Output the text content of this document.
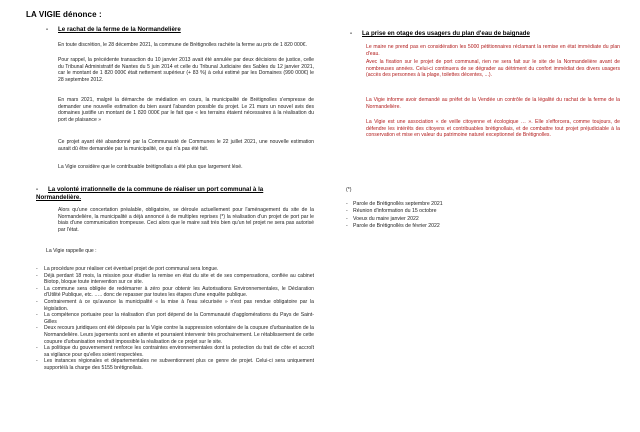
LA VIGIE dénonce :
- Le rachat de la ferme de la Normandelière

En toute discrétion, le 28 décembre 2021, la commune de Brétignolles rachète la ferme au prix de 1 820 000€.

Pour rappel, la précédente transaction du 10 janvier 2013 avait été annulée par deux décisions de justice, celle du Tribunal Administratif de Nantes du 5 juin 2014 et celle du Tribunal Judiciaire des Sables du 12 janvier 2021, car le montant de 1 820 000€ était nettement supérieur (+ 83 %) à celui estimé par les Domaines (990 000€) le 28 septembre 2012.

En mars 2021, malgré la démarche de médiation en cours, la municipalité de Brétignolles s'empresse de demander une nouvelle estimation du bien avant l'abandon possible du projet. Le 21 mars un nouvel avis des domaines justifie un montant de 1 820 000€ par le fait que « les terrains étaient nécessaires à la réalisation du port de plaisance »

Ce projet ayant été abandonné par la Communauté de Communes le 22 juillet 2021, une nouvelle estimation aurait dû être demandée par la municipalité, ce qui n'a pas été fait.

La Vigie considère que le contribuable brétignollais a été plus que largement lésé.

- La volonté irrationnelle de la commune de réaliser un port communal à la Normandelière.

Alors qu'une concertation préalable, obligatoire, se déroule actuellement pour l'aménagement du site de la Normandelière, la municipalité a déjà annoncé à de multiples reprises (*) la réalisation d'un projet de port par le biais d'une communication trompeuse. Ceci alors que le maire sait très bien qu'un tel projet ne sera pas autorisé par l'état.

La Vigie rappelle que :

- La procédure pour réaliser cet éventuel projet de port communal sera longue.
- Déjà perdant 18 mois, la mission pour étudier la remise en état du site et de ses compensations, confiée au cabinet Biotop, bloque toute intervention sur ce site.
- La commune sera obligée de redémarrer à zéro pour obtenir les Autorisations Environnementales, le Déclaration d'Utilité Publique, etc. ….. donc de repasser par toutes les étapes d'une enquête publique.
- Contrairement à ce qu'avance la municipalité « la mise à l'eau sécurisée » n'est pas rendue obligatoire par la législation.
- La compétence portuaire pour la réalisation d'un port dépend de la Communauté d'agglomérations du Pays de Saint-Gilles
- Deux recours juridiques ont été déposés par la Vigie contre la suppression volontaire de la coupure d'urbanisation de la Normandelière. Leurs jugements sont en attente et pourraient intervenir très prochainement. Le rétablissement de cette coupure d'urbanisation rendrait impossible la réalisation de ce projet sur le site.
- La politique du gouvernement renforce les contraintes environnementales dont la protection du trait de côte et accroît sa vigilance pour qu'elles soient respectées.
- Les instances régionales et départementales ne subventionnent plus ce genre de projet. Celui-ci sera uniquement supporté/à la charge des 5155 brétignollais.
- La prise en otage des usagers du plan d'eau de baignade

Le maire ne prend pas en considération les 5000 pétitionnaires réclamant la remise en état immédiate du plan d'eau.

Avec la fixation sur le projet de port communal, rien ne sera fait sur le site de la Normandelière avant de nombreuses années. Celui-ci continuera de se dégrader au détriment du confort immédiat des divers usagers (accès des personnes à la plage, toilettes décentes, ...).

La Vigie informe avoir demandé au préfet de la Vendée un contrôle de la légalité du rachat de la ferme de la Normandelière.

La Vigie est une association « de veille citoyenne et écologique … ». Elle s'efforcera, comme toujours, de défendre les intérêts des citoyens et contribuables brétignollais, et de combattre tout projet préjudiciable à la conservation et mise en valeur du patrimoine naturel exceptionnel de Brétignolles.

(*)
- Parole de Brétignollès septembre 2021
- Réunion d'information du 15 octobre
- Voeux du maire janvier 2022
- Parole de Brétignollès de février 2022
